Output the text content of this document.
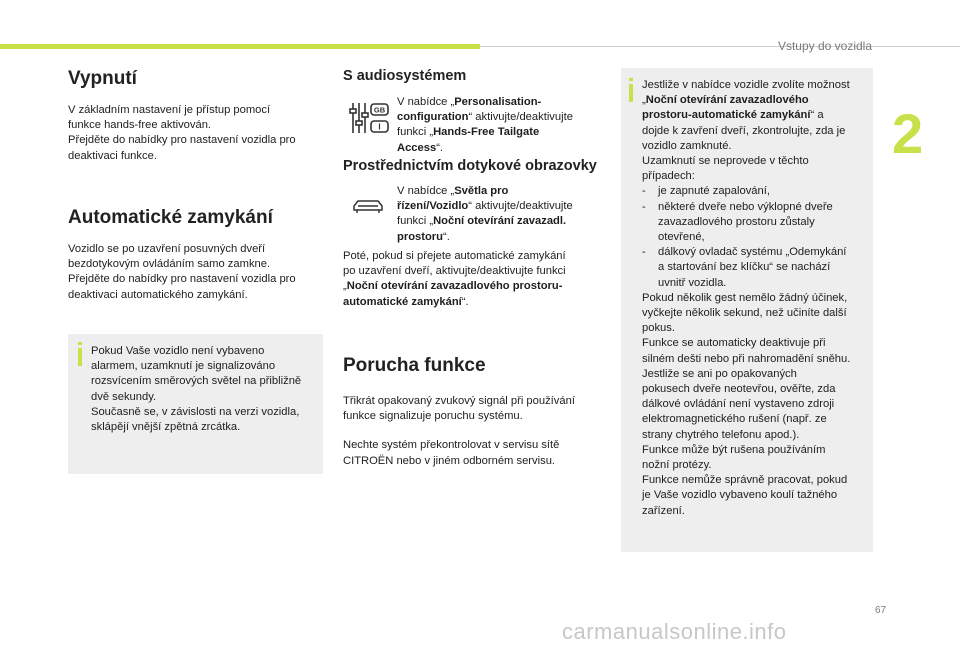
Vstupy do vozidla
2
67
carmanualsonline.info
Vypnutí

V základním nastavení je přístup pomocí

funkce hands-free aktivován.

Přejděte do nabídky pro nastavení vozidla pro

deaktivaci funkce.

Automatické zamykání

Vozidlo se po uzavření posuvných dveří

bezdotykovým ovládáním samo zamkne.

Přejděte do nabídky pro nastavení vozidla pro

deaktivaci automatického zamykání.

Pokud Vaše vozidlo není vybaveno

alarmem, uzamknutí je signalizováno

rozsvícením směrových světel na přibližně

dvě sekundy.

Současně se, v závislosti na verzi vozidla,

sklápějí vnější zpětná zrcátka.

S audiosystémem
GB
I

V nabídce „Personalisation-

configuration“ aktivujte/deaktivujte

funkci „Hands-Free Tailgate

Access“.

Prostřednictvím dotykové obrazovky

V nabídce „Světla pro

řízení/Vozidlo“ aktivujte/deaktivujte

funkci „Noční otevírání zavazadl.

prostoru“.

Poté, pokud si přejete automatické zamykání

po uzavření dveří, aktivujte/deaktivujte funkci

„Noční otevírání zavazadlového prostoru-

automatické zamykání“.

Porucha funkce

Třikrát opakovaný zvukový signál při používání

funkce signalizuje poruchu systému.

Nechte systém překontrolovat v servisu sítě

CITROËN nebo v jiném odborném servisu.

Jestliže v nabídce vozidle zvolíte možnost

„Noční otevírání zavazadlového

prostoru-automatické zamykání“ a

dojde k zavření dveří, zkontrolujte, zda je

vozidlo zamknuté.

Uzamknutí se neprovede v těchto

případech:

-	je zapnuté zapalování,

-	některé dveře nebo výklopné dveře

zavazadlového prostoru zůstaly

otevřené,

-	dálkový ovladač systému „Odemykání

a startování bez klíčku“ se nachází

uvnitř vozidla.

Pokud několik gest nemělo žádný účinek,

vyčkejte několik sekund, než učiníte další

pokus.

Funkce se automaticky deaktivuje při

silném dešti nebo při nahromadění sněhu.

Jestliže se ani po opakovaných

pokusech dveře neotevřou, ověřte, zda

dálkové ovládání není vystaveno zdroji

elektromagnetického rušení (např. ze

strany chytrého telefonu apod.).

Funkce může být rušena používáním

nožní protézy.

Funkce nemůže správně pracovat, pokud

je Vaše vozidlo vybaveno koulí tažného

zařízení.
